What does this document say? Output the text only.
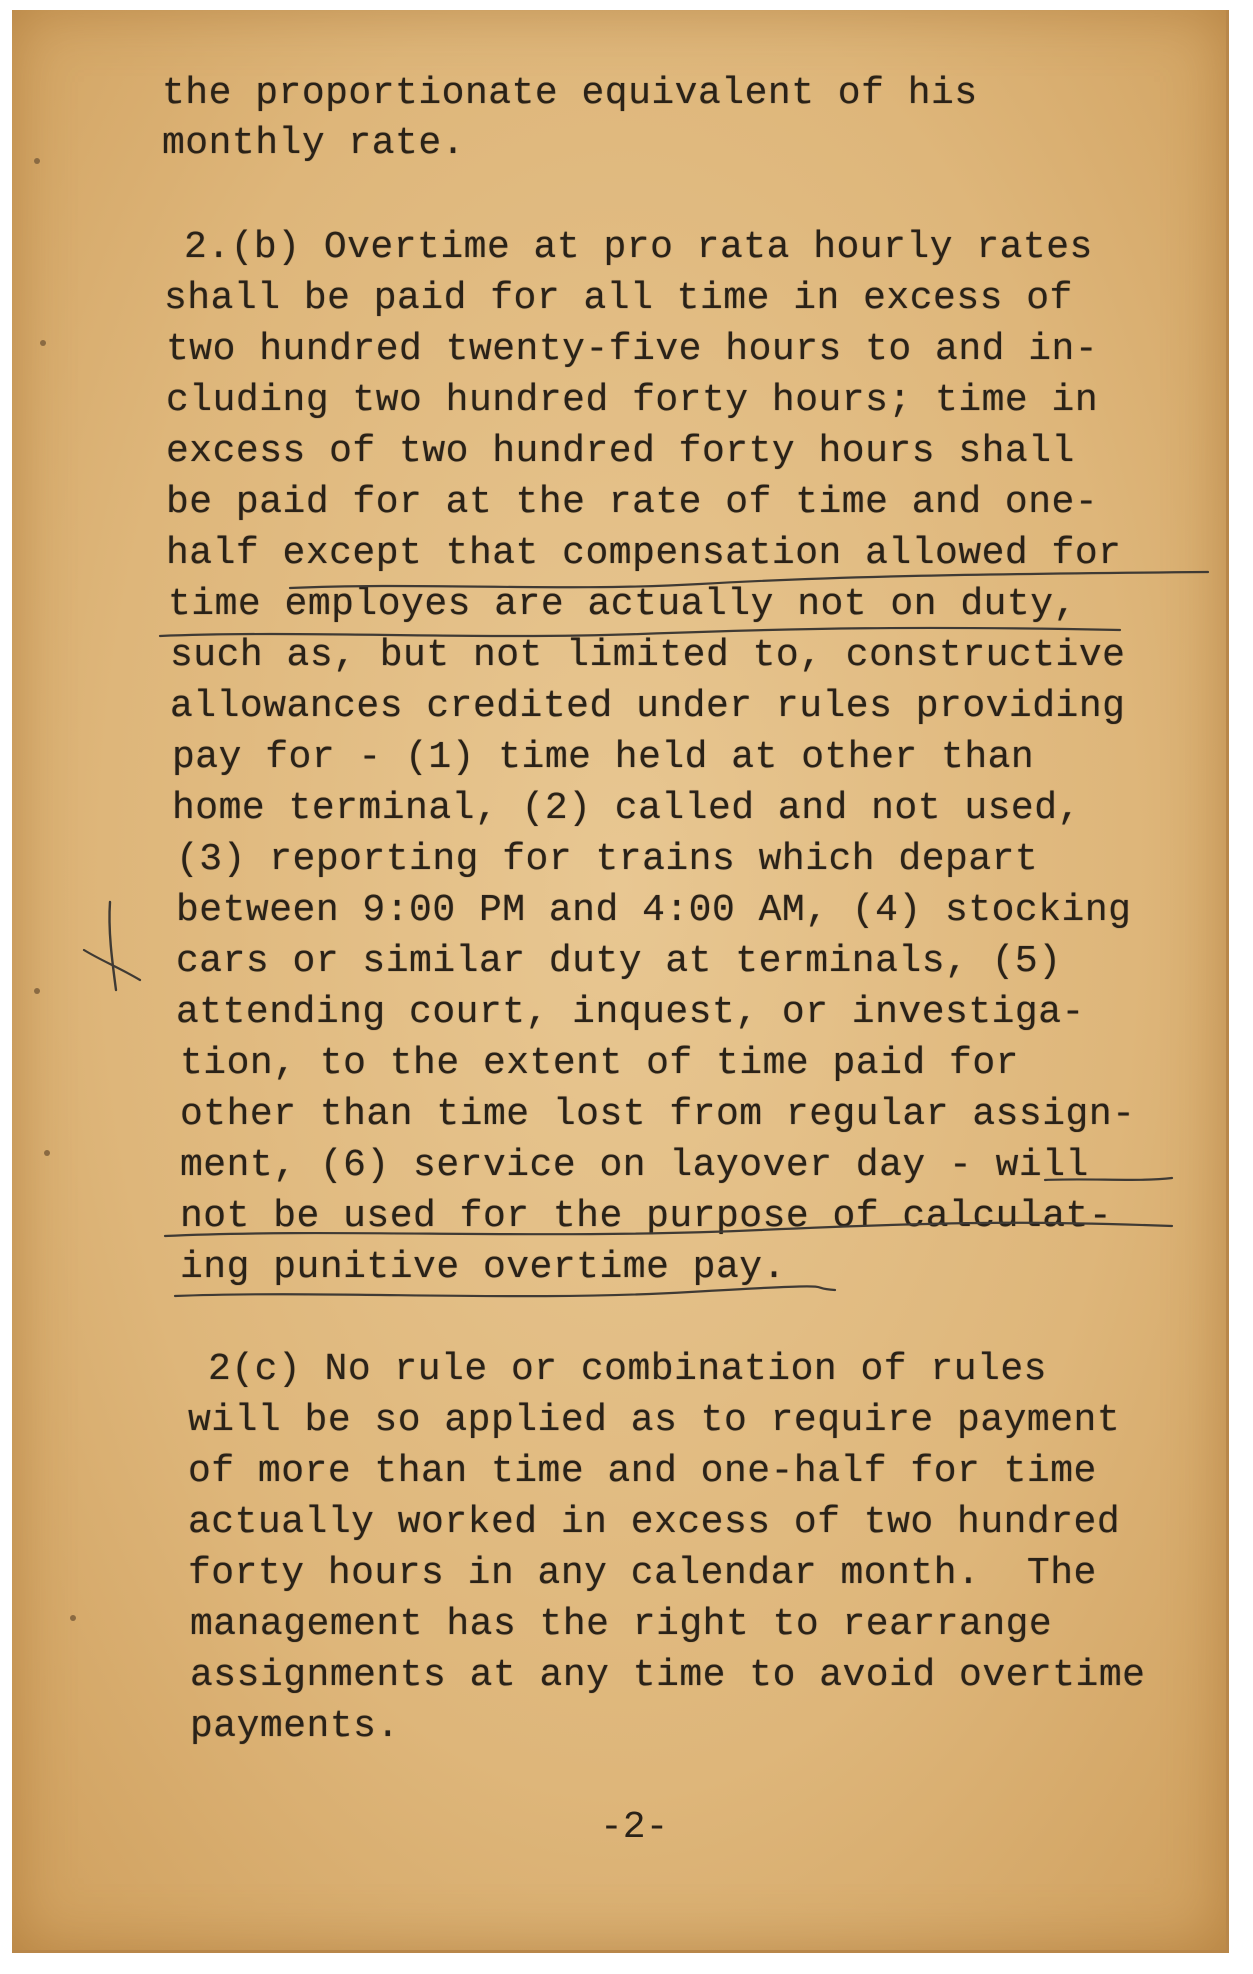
the proportionate equivalent of his

monthly rate.

2.(b) Overtime at pro rata hourly rates

shall be paid for all time in excess of

two hundred twenty-five hours to and in-

cluding two hundred forty hours; time in

excess of two hundred forty hours shall

be paid for at the rate of time and one-

half except that compensation allowed for

time employes are actually not on duty,

such as, but not limited to, constructive

allowances credited under rules providing

pay for - (1) time held at other than

home terminal, (2) called and not used,

(3) reporting for trains which depart

between 9:00 PM and 4:00 AM, (4) stocking

cars or similar duty at terminals, (5)

attending court, inquest, or investiga-

tion, to the extent of time paid for

other than time lost from regular assign-

ment, (6) service on layover day - will

not be used for the purpose of calculat-

ing punitive overtime pay.

2(c) No rule or combination of rules

will be so applied as to require payment

of more than time and one-half for time

actually worked in excess of two hundred

forty hours in any calendar month.  The

management has the right to rearrange

assignments at any time to avoid overtime

payments.

-2-
